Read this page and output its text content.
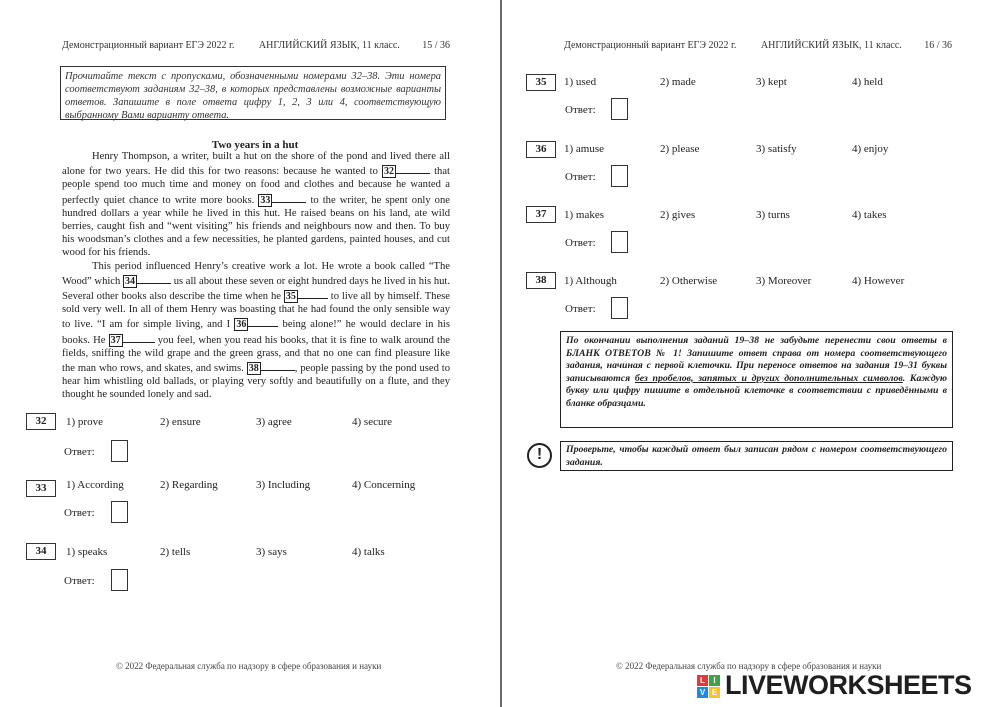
Демонстрационный вариант ЕГЭ 2022 г. АНГЛИЙСКИЙ ЯЗЫК, 11 класс. 15 / 36
Прочитайте текст с пропусками, обозначенными номерами 32–38. Эти номера соответствуют заданиям 32–38, в которых представлены возможные варианты ответов. Запишите в поле ответа цифру 1, 2, 3 или 4, соответствующую выбранному Вами варианту ответа.
Two years in a hut

Henry Thompson, a writer, built a hut on the shore of the pond and lived there all alone for two years. He did this for two reasons: because he wanted to 32	that people spend too much time and money on food and clothes and because he wanted a perfectly quiet chance to write more books. 33	to the writer, he spent only one hundred dollars a year while he lived in this hut. He raised beans on his land, ate wild berries, caught fish and “went visiting” his friends and neighbours now and then. To buy his woodsman’s clothes and a few necessities, he planted gardens, painted houses, and cut wood for his friends.

This period influenced Henry’s creative work a lot. He wrote a book called “The Wood” which 34	us all about these seven or eight hundred days he lived in his hut. Several other books also describe the time when he 35	to live all by himself. These sold very well. In all of them Henry was boasting that he had found the only sensible way to live. “I am for simple living, and I 36	being alone!” he would declare in his books. He 37	you feel, when you read his books, that it is fine to walk around the fields, sniffing the wild grape and the green grass, and that no one can find pleasure like the man who rows, and skates, and swims. 38	, people passing by the pond used to hear him whistling old ballads, or playing very softly and beautifully on a flute, and they thought he sounded lonely and sad.

32	1) prove	2) ensure	3) agree	4) secure
Ответ:
33	1) According	2) Regarding	3) Including	4) Concerning
Ответ:
34	1) speaks	2) tells	3) says	4) talks
Ответ:
© 2022 Федеральная служба по надзору в сфере образования и науки
Демонстрационный вариант ЕГЭ 2022 г. АНГЛИЙСКИЙ ЯЗЫК, 11 класс. 16 / 36
35	1) used	2) made	3) kept	4) held
Ответ:
36	1) amuse	2) please	3) satisfy	4) enjoy
Ответ:
37	1) makes	2) gives	3) turns	4) takes
Ответ:
38	1) Although	2) Otherwise	3) Moreover	4) However
Ответ:
По окончании выполнения заданий 19–38 не забудьте перенести свои ответы в БЛАНК ОТВЕТОВ № 1! Запишите ответ справа от номера соответствующего задания, начиная с первой клеточки. При переносе ответов на задания 19–31 буквы записываются без пробелов, запятых и других дополнительных символов. Каждую букву или цифру пишите в отдельной клеточке в соответствии с приведёнными в бланке образцами.
!	Проверьте, чтобы каждый ответ был записан рядом с номером соответствующего задания.
© 2022 Федеральная служба по надзору в сфере образования и науки
L	I
V E LIVEWORKSHEETS
